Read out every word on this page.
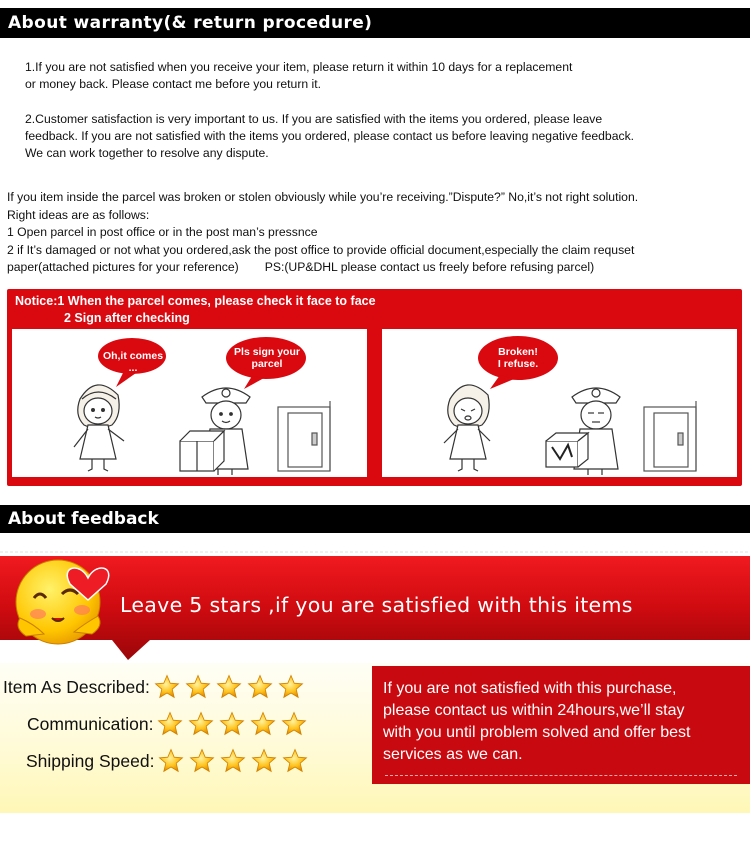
About warranty(& return procedure)
1.If you are not satisfied when you receive your item, please return it within 10 days for a replacement
or money back. Please contact me before you return it.
2.Customer satisfaction is very important to us. If you are satisfied with the items you ordered, please leave
feedback. If you are not satisfied with the items you ordered, please contact us before leaving negative feedback.
We can work together to resolve any dispute.
If you item inside the parcel was broken or stolen obviously while you’re receiving.”Dispute?” No,it’s not right solution.
Right ideas are as follows:
1 Open parcel in post office or in the post man’s pressnce
2 if It’s damaged or not what you ordered,ask the post office to provide official document,especially the claim requset
paper(attached pictures for your reference) PS:(UP&DHL please contact us freely before refusing parcel)
Notice:1 When the parcel comes, please check it face to face
2 Sign after checking
Oh,it comes ...
Pls sign your
parcel
Broken!
I refuse.
About feedback
Leave 5 stars ,if you are satisfied with this items
Item As Described:
Communication:
Shipping Speed:
If you are not satisfied with this purchase,
please contact us within 24hours,we’ll stay
with you until problem solved and offer best
services as we can.
